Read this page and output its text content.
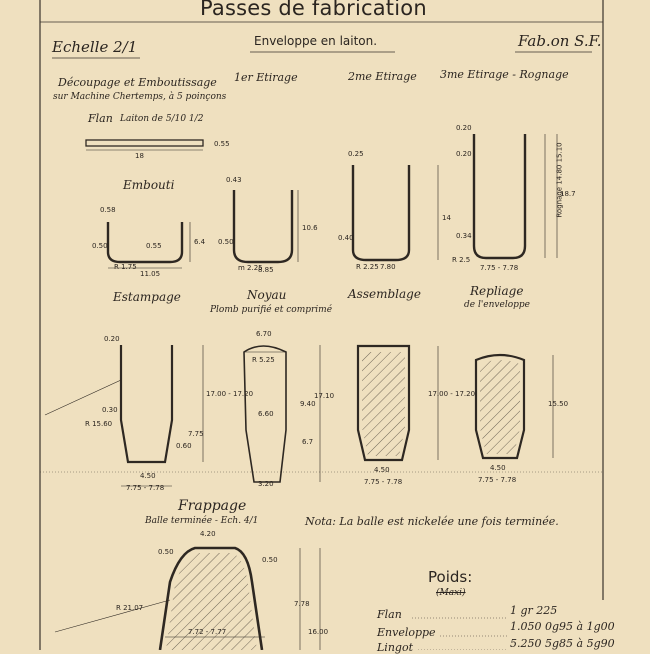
Passes de fabrication
Echelle 2/1	Enveloppe en laiton.	Fab.on S.F.
Découpage et Emboutissage
sur Machine Chertemps, à 5 poinçons
1er Etirage	2me Etirage 3me Etirage - Rognage
Flan Laiton de 5/10 1/2
Embouti
Estampage	Noyau
Plomb purifié et comprimé
Assemblage	Repliage
de l'enveloppe
Frappage
Balle terminée - Ech. 4/1	Nota: La balle est nickelée une fois terminée.
Poids:
(Maxi)
Flan	1 gr 225
Enveloppe	1.050 0g95 à 1g00
Lingot	5.250 5g85 à 5g90
18
0.55
0.58
0.50
R 1.75
11.05
6.4
0.55
0.43
0.50
m 2.25
8.85
10.6
0.25
0.40
R 2.25 7.80
14
0.20
0.20
0.34
R 2.5
7.75 - 7.78
Rognage 14.80 15.10
18.7
0.20
0.30
R 15.60
4.50
7.75 - 7.78
17.00 - 17.20
7.75
0.60
6.70
R 5.25
6.60
3.20
9.40
17.10
6.7
17.00 - 17.20
4.50
7.75 - 7.78
15.50
4.50
7.75 - 7.78
4.20
R 21.07
0.50
7.72 - 7.77
7.78
16.00
0.50
